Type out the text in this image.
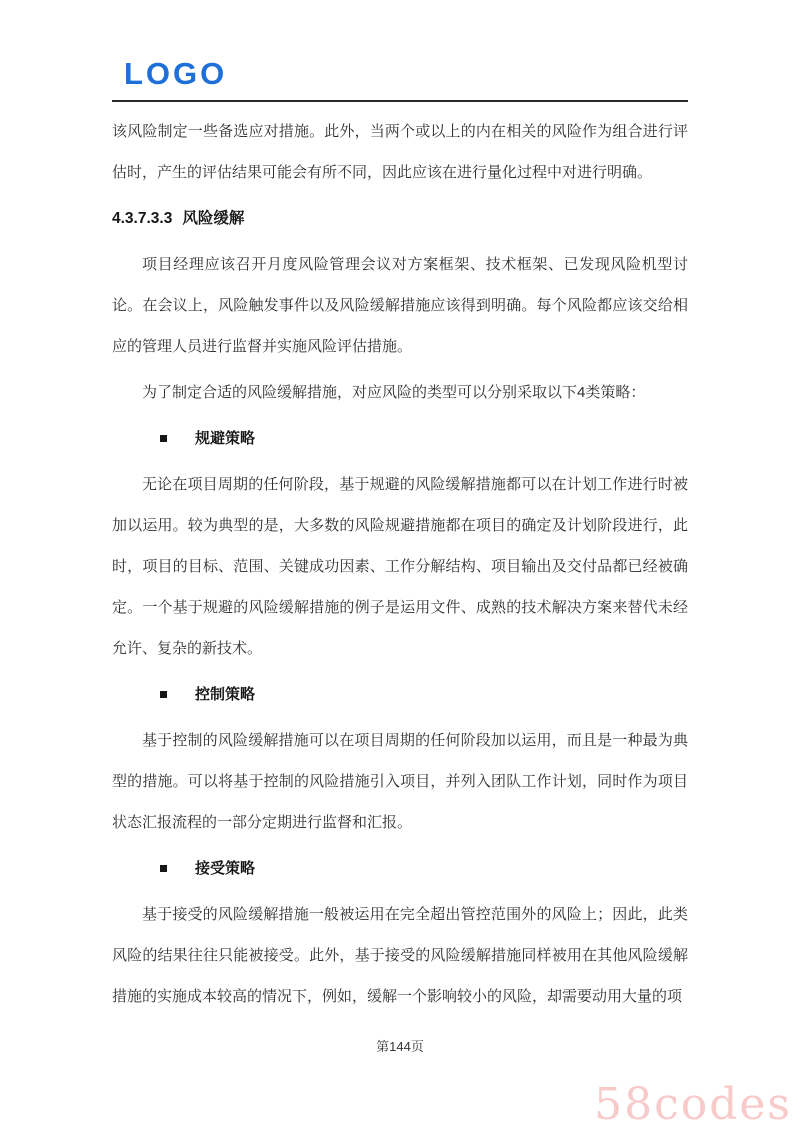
LOGO

该风险制定一些备选应对措施。此外，当两个或以上的内在相关的风险作为组合进行评估时，产生的评估结果可能会有所不同，因此应该在进行量化过程中对进行明确。

4.3.7.3.3 风险缓解

项目经理应该召开月度风险管理会议对方案框架、技术框架、已发现风险机型讨论。在会议上，风险触发事件以及风险缓解措施应该得到明确。每个风险都应该交给相应的管理人员进行监督并实施风险评估措施。

为了制定合适的风险缓解措施，对应风险的类型可以分别采取以下4类策略：

规避策略

无论在项目周期的任何阶段，基于规避的风险缓解措施都可以在计划工作进行时被加以运用。较为典型的是，大多数的风险规避措施都在项目的确定及计划阶段进行，此时，项目的目标、范围、关键成功因素、工作分解结构、项目输出及交付品都已经被确定。一个基于规避的风险缓解措施的例子是运用文件、成熟的技术解决方案来替代未经允许、复杂的新技术。

控制策略

基于控制的风险缓解措施可以在项目周期的任何阶段加以运用，而且是一种最为典型的措施。可以将基于控制的风险措施引入项目，并列入团队工作计划，同时作为项目状态汇报流程的一部分定期进行监督和汇报。

接受策略

基于接受的风险缓解措施一般被运用在完全超出管控范围外的风险上；因此，此类风险的结果往往只能被接受。此外，基于接受的风险缓解措施同样被用在其他风险缓解措施的实施成本较高的情况下，例如，缓解一个影响较小的风险，却需要动用大量的项

第144页
58codes
